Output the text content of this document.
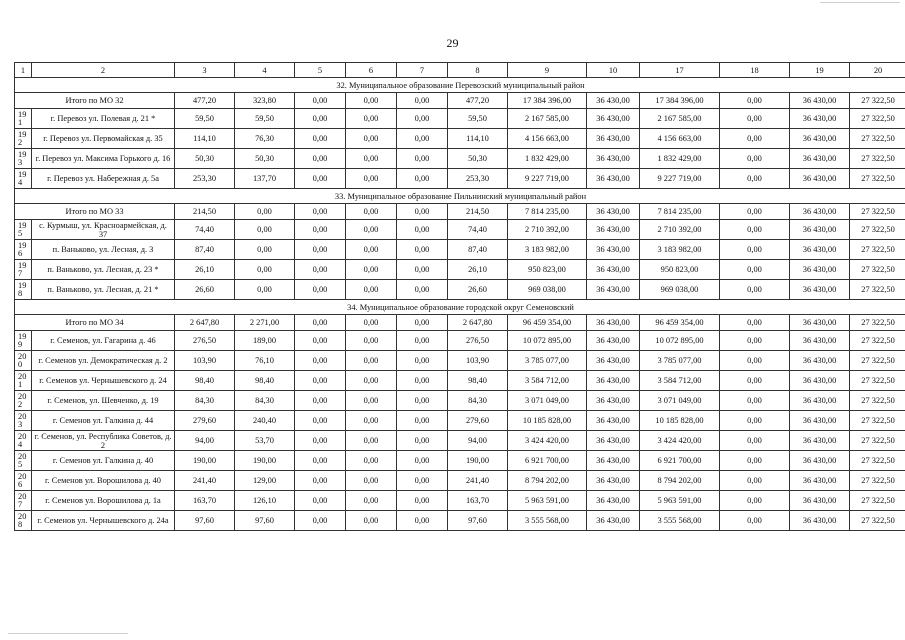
29
1	2	3	4	5	6	7	8	9	10	17	18	19	20
32. Муниципальное образование Перевозский муниципальный район													
Итого по МО 32		477,20	323,80	0,00	0,00	0,00	477,20	17 384 396,00	36 430,00	17 384 396,00	0,00	36 430,00	27 322,50
19 1	г. Перевоз ул. Полевая д. 21 *	59,50	59,50	0,00	0,00	0,00	59,50	2 167 585,00	36 430,00	2 167 585,00	0,00	36 430,00	27 322,50
19 2	г. Перевоз ул. Первомайская д. 35	114,10	76,30	0,00	0,00	0,00	114,10	4 156 663,00	36 430,00	4 156 663,00	0,00	36 430,00	27 322,50
19 3	г. Перевоз ул. Максима Горького д. 16	50,30	50,30	0,00	0,00	0,00	50,30	1 832 429,00	36 430,00	1 832 429,00	0,00	36 430,00	27 322,50
19 4	г. Перевоз ул. Набережная д. 5а	253,30	137,70	0,00	0,00	0,00	253,30	9 227 719,00	36 430,00	9 227 719,00	0,00	36 430,00	27 322,50
33. Муниципальное образование Пильнинский муниципальный район													
Итого по МО 33		214,50	0,00	0,00	0,00	0,00	214,50	7 814 235,00	36 430,00	7 814 235,00	0,00	36 430,00	27 322,50
19 5	с. Курмыш, ул. Красноармейская, д. 37	74,40	0,00	0,00	0,00	0,00	74,40	2 710 392,00	36 430,00	2 710 392,00	0,00	36 430,00	27 322,50
19 6	п. Ваньково, ул. Лесная, д. 3	87,40	0,00	0,00	0,00	0,00	87,40	3 183 982,00	36 430,00	3 183 982,00	0,00	36 430,00	27 322,50
19 7	п. Ваньково, ул. Лесная, д. 23 *	26,10	0,00	0,00	0,00	0,00	26,10	950 823,00	36 430,00	950 823,00	0,00	36 430,00	27 322,50
19 8	п. Ваньково, ул. Лесная, д. 21 *	26,60	0,00	0,00	0,00	0,00	26,60	969 038,00	36 430,00	969 038,00	0,00	36 430,00	27 322,50
34. Муниципальное образование городской округ Семеновский													
Итого по МО 34		2 647,80	2 271,00	0,00	0,00	0,00	2 647,80	96 459 354,00	36 430,00	96 459 354,00	0,00	36 430,00	27 322,50
19 9	г. Семенов, ул. Гагарина д. 46	276,50	189,00	0,00	0,00	0,00	276,50	10 072 895,00	36 430,00	10 072 895,00	0,00	36 430,00	27 322,50
20 0	г. Семенов ул. Демократическая д. 2	103,90	76,10	0,00	0,00	0,00	103,90	3 785 077,00	36 430,00	3 785 077,00	0,00	36 430,00	27 322,50
20 1	г. Семенов ул. Чернышевского д. 24	98,40	98,40	0,00	0,00	0,00	98,40	3 584 712,00	36 430,00	3 584 712,00	0,00	36 430,00	27 322,50
20 2	г. Семенов, ул. Шевченко, д. 19	84,30	84,30	0,00	0,00	0,00	84,30	3 071 049,00	36 430,00	3 071 049,00	0,00	36 430,00	27 322,50
20 3	г. Семенов ул. Галкина д. 44	279,60	240,40	0,00	0,00	0,00	279,60	10 185 828,00	36 430,00	10 185 828,00	0,00	36 430,00	27 322,50
20 4	г. Семенов, ул. Республика Советов, д. 2	94,00	53,70	0,00	0,00	0,00	94,00	3 424 420,00	36 430,00	3 424 420,00	0,00	36 430,00	27 322,50
20 5	г. Семенов ул. Галкина д. 40	190,00	190,00	0,00	0,00	0,00	190,00	6 921 700,00	36 430,00	6 921 700,00	0,00	36 430,00	27 322,50
20 6	г. Семенов ул. Ворошилова д. 40	241,40	129,00	0,00	0,00	0,00	241,40	8 794 202,00	36 430,00	8 794 202,00	0,00	36 430,00	27 322,50
20 7	г. Семенов ул. Ворошилова д. 1а	163,70	126,10	0,00	0,00	0,00	163,70	5 963 591,00	36 430,00	5 963 591,00	0,00	36 430,00	27 322,50
20 8	г. Семенов ул. Чернышевского д. 24а	97,60	97,60	0,00	0,00	0,00	97,60	3 555 568,00	36 430,00	3 555 568,00	0,00	36 430,00	27 322,50
